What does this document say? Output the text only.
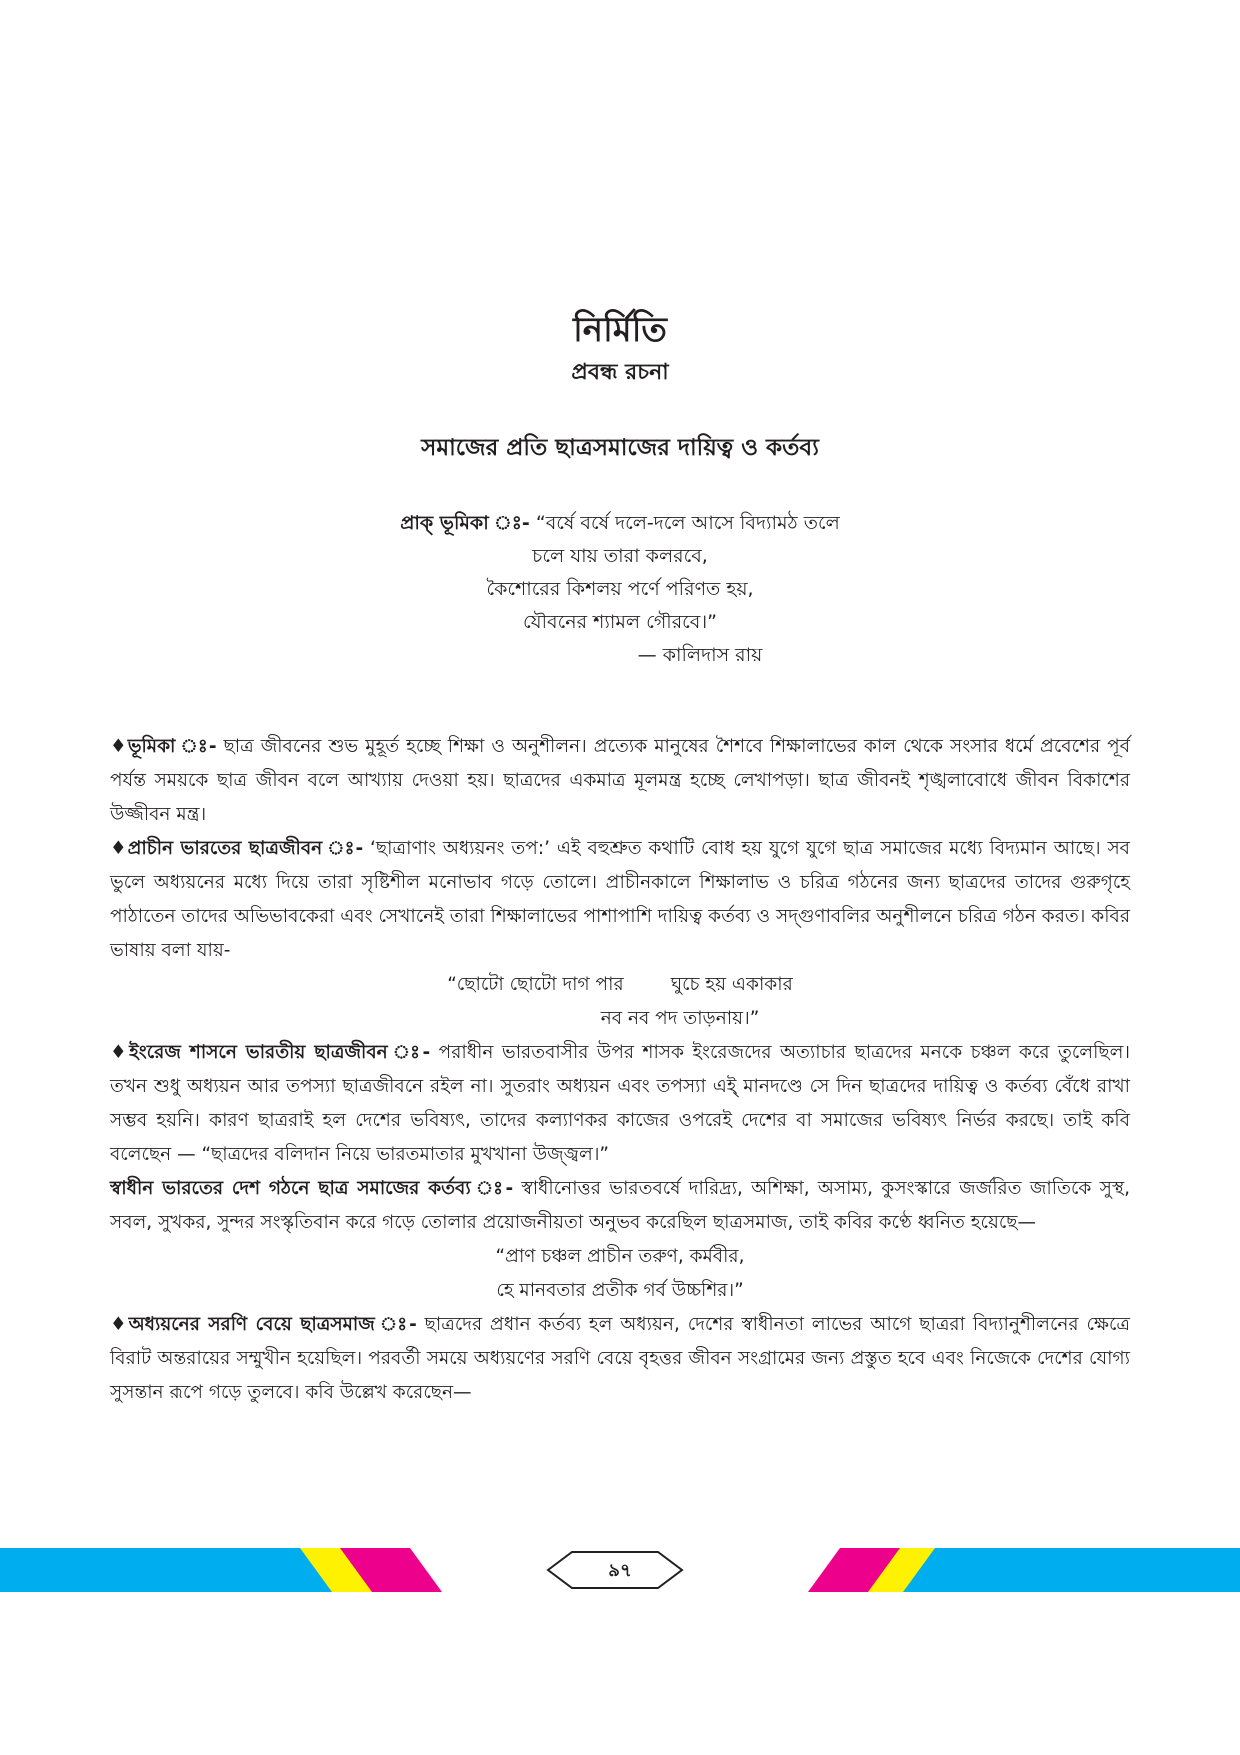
নির্মিতি
প্রবন্ধ রচনা
সমাজের প্রতি ছাত্রসমাজের দায়িত্ব ও কর্তব্য
প্রাক্ ভূমিকা ঃ- “বর্ষে বর্ষে দলে-দলে আসে বিদ্যামঠ তলে
চলে যায় তারা কলরবে,
কৈশোরের কিশলয় পর্ণে পরিণত হয়,
যৌবনের শ্যামল গৌরবে।”
— কালিদাস রায়

♦ভূমিকা ঃ- ছাত্র জীবনের শুভ মুহূর্ত হচ্ছে শিক্ষা ও অনুশীলন। প্রত্যেক মানুষের শৈশবে শিক্ষালাভের কাল থেকে সংসার ধর্মে প্রবেশের পূর্ব পর্যন্ত সময়কে ছাত্র জীবন বলে আখ্যায় দেওয়া হয়। ছাত্রদের একমাত্র মূলমন্ত্র হচ্ছে লেখাপড়া। ছাত্র জীবনই শৃঙ্খলাবোধে জীবন বিকাশের উজ্জীবন মন্ত্র।

♦প্রাচীন ভারতের ছাত্রজীবন ঃ- ‘ছাত্রাণাং অধ্যয়নং তপ:’ এই বহুশ্রুত কথাটি বোধ হয় যুগে যুগে ছাত্র সমাজের মধ্যে বিদ্যমান আছে। সব ভুলে অধ্যয়নের মধ্যে দিয়ে তারা সৃষ্টিশীল মনোভাব গড়ে তোলে। প্রাচীনকালে শিক্ষালাভ ও চরিত্র গঠনের জন্য ছাত্রদের তাদের গুরুগৃহে পাঠাতেন তাদের অভিভাবকেরা এবং সেখানেই তারা শিক্ষালাভের পাশাপাশি দায়িত্ব কর্তব্য ও সদ্গুণাবলির অনুশীলনে চরিত্র গঠন করত। কবির ভাষায় বলা যায়-

“ছোটো ছোটো দাগ পার        ঘুচে হয় একাকার
নব নব পদ তাড়নায়।”

♦ইংরেজ শাসনে ভারতীয় ছাত্রজীবন ঃ- পরাধীন ভারতবাসীর উপর শাসক ইংরেজদের অত্যাচার ছাত্রদের মনকে চঞ্চল করে তুলেছিল। তখন শুধু অধ্যয়ন আর তপস্যা ছাত্রজীবনে রইল না। সুতরাং অধ্যয়ন এবং তপস্যা এই্ মানদণ্ডে সে দিন ছাত্রদের দায়িত্ব ও কর্তব্য বেঁধে রাখা সম্ভব হয়নি। কারণ ছাত্ররাই হল দেশের ভবিষ্যৎ, তাদের কল্যাণকর কাজের ওপরেই দেশের বা সমাজের ভবিষ্যৎ নির্ভর করছে। তাই কবি বলেছেন — “ছাত্রদের বলিদান নিয়ে ভারতমাতার মুখখানা উজ্জ্বল।”

স্বাধীন ভারতের দেশ গঠনে ছাত্র সমাজের কর্তব্য ঃ- স্বাধীনোত্তর ভারতবর্ষে দারিদ্র্য, অশিক্ষা, অসাম্য, কুসংস্কারে জর্জরিত জাতিকে সুস্থ, সবল, সুখকর, সুন্দর সংস্কৃতিবান করে গড়ে তোলার প্রয়োজনীয়তা অনুভব করেছিল ছাত্রসমাজ, তাই কবির কণ্ঠে ধ্বনিত হয়েছে—

“প্রাণ চঞ্চল প্রাচীন তরুণ, কর্মবীর,
হে মানবতার প্রতীক গর্ব উচ্চশির।”

♦অধ্যয়নের সরণি বেয়ে ছাত্রসমাজ ঃ- ছাত্রদের প্রধান কর্তব্য হল অধ্যয়ন, দেশের স্বাধীনতা লাভের আগে ছাত্ররা বিদ্যানুশীলনের ক্ষেত্রে বিরাট অন্তরায়ের সম্মুখীন হয়েছিল। পরবর্তী সময়ে অধ্যয়ণের সরণি বেয়ে বৃহত্তর জীবন সংগ্রামের জন্য প্রস্তুত হবে এবং নিজেকে দেশের যোগ্য সুসন্তান রূপে গড়ে তুলবে। কবি উল্লেখ করেছেন—

৯৭
